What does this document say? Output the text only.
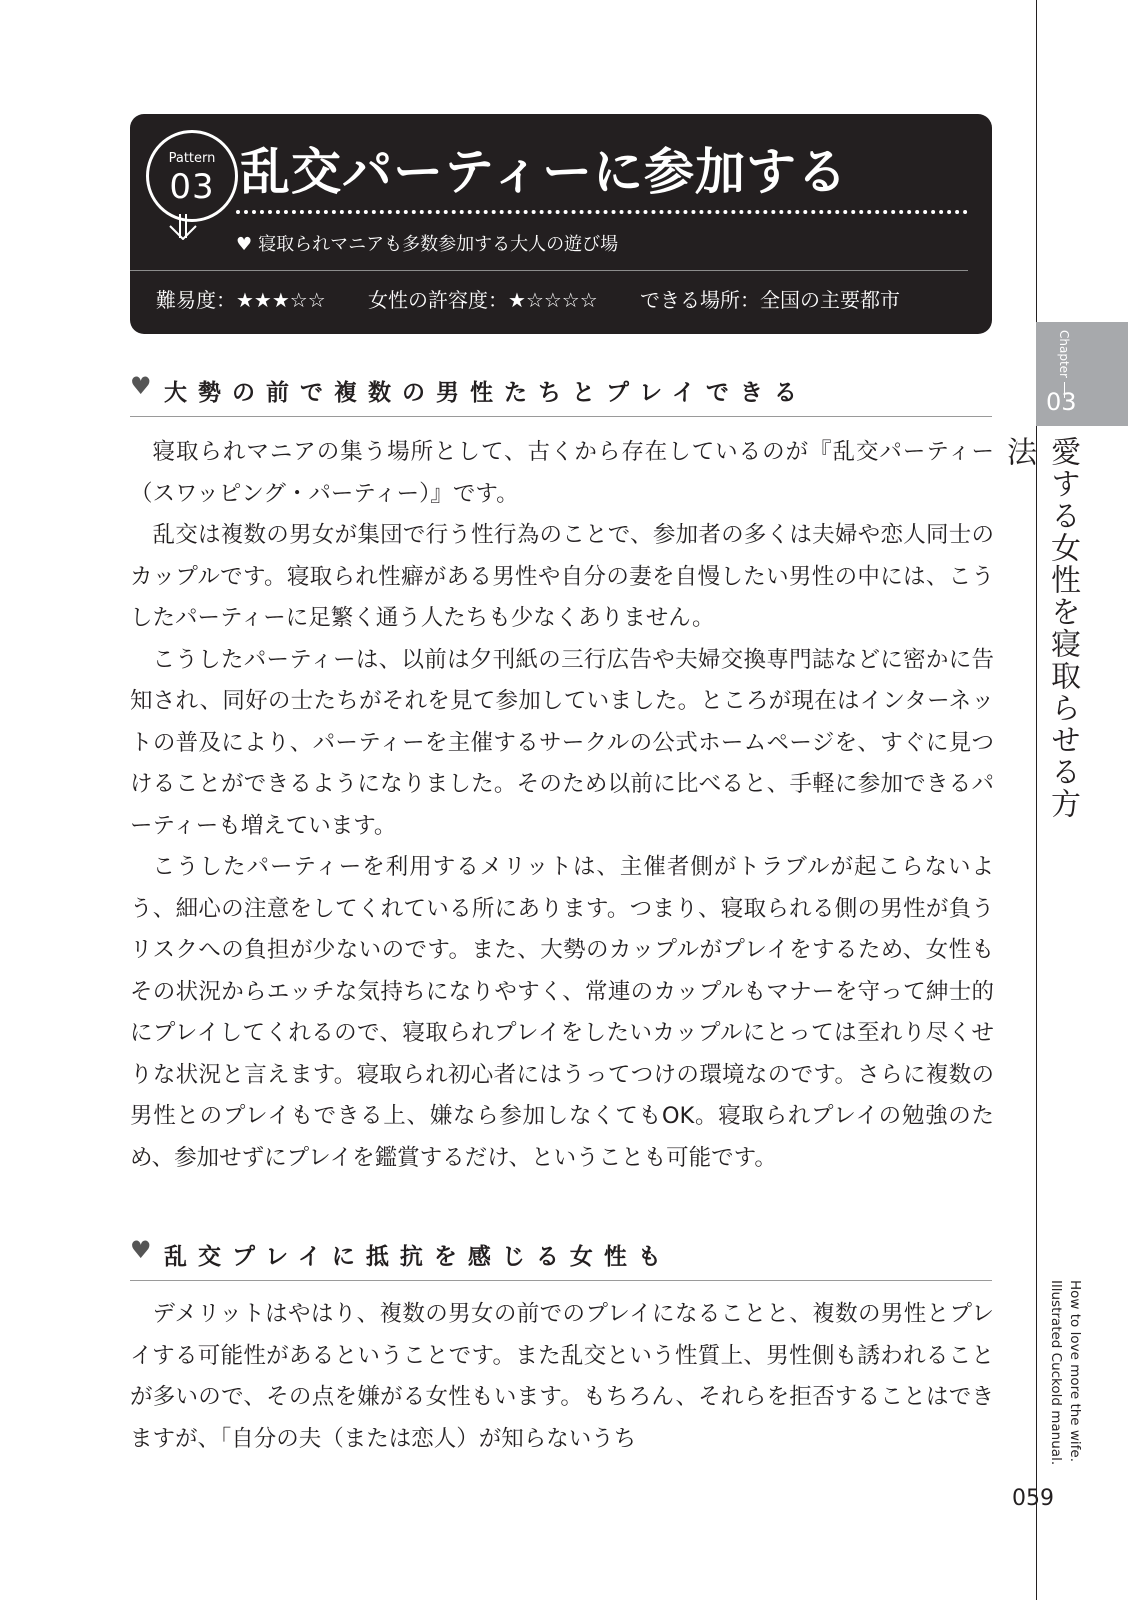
Pattern
03 乱交パーティーに参加する
♥ 寝取られマニアも多数参加する大人の遊び場
難易度：★★★☆☆ 女性の許容度：★☆☆☆☆ できる場所：全国の主要都市
♥ 大勢の前で複数の男性たちとプレイできる

寝取られマニアの集う場所として、古くから存在しているのが『乱交パーティー（スワッピング・パーティー）』です。

乱交は複数の男女が集団で行う性行為のことで、参加者の多くは夫婦や恋人同士のカップルです。寝取られ性癖がある男性や自分の妻を自慢したい男性の中には、こうしたパーティーに足繁く通う人たちも少なくありません。

こうしたパーティーは、以前は夕刊紙の三行広告や夫婦交換専門誌などに密かに告知され、同好の士たちがそれを見て参加していました。ところが現在はインターネットの普及により、パーティーを主催するサークルの公式ホームページを、すぐに見つけることができるようになりました。そのため以前に比べると、手軽に参加できるパーティーも増えています。

こうしたパーティーを利用するメリットは、主催者側がトラブルが起こらないよう、細心の注意をしてくれている所にあります。つまり、寝取られる側の男性が負うリスクへの負担が少ないのです。また、大勢のカップルがプレイをするため、女性もその状況からエッチな気持ちになりやすく、常連のカップルもマナーを守って紳士的にプレイしてくれるので、寝取られプレイをしたいカップルにとっては至れり尽くせりな状況と言えます。寝取られ初心者にはうってつけの環境なのです。さらに複数の男性とのプレイもできる上、嫌なら参加しなくてもOK。寝取られプレイの勉強のため、参加せずにプレイを鑑賞するだけ、ということも可能です。

♥ 乱交プレイに抵抗を感じる女性も

デメリットはやはり、複数の男女の前でのプレイになることと、複数の男性とプレイする可能性があるということです。また乱交という性質上、男性側も誘われることが多いので、その点を嫌がる女性もいます。もちろん、それらを拒否することはできますが、「自分の夫（または恋人）が知らないうち

Chapter
03
愛する女性を寝取らせる方法
How to love more the wife.
Illustrated Cuckold manual.
059
